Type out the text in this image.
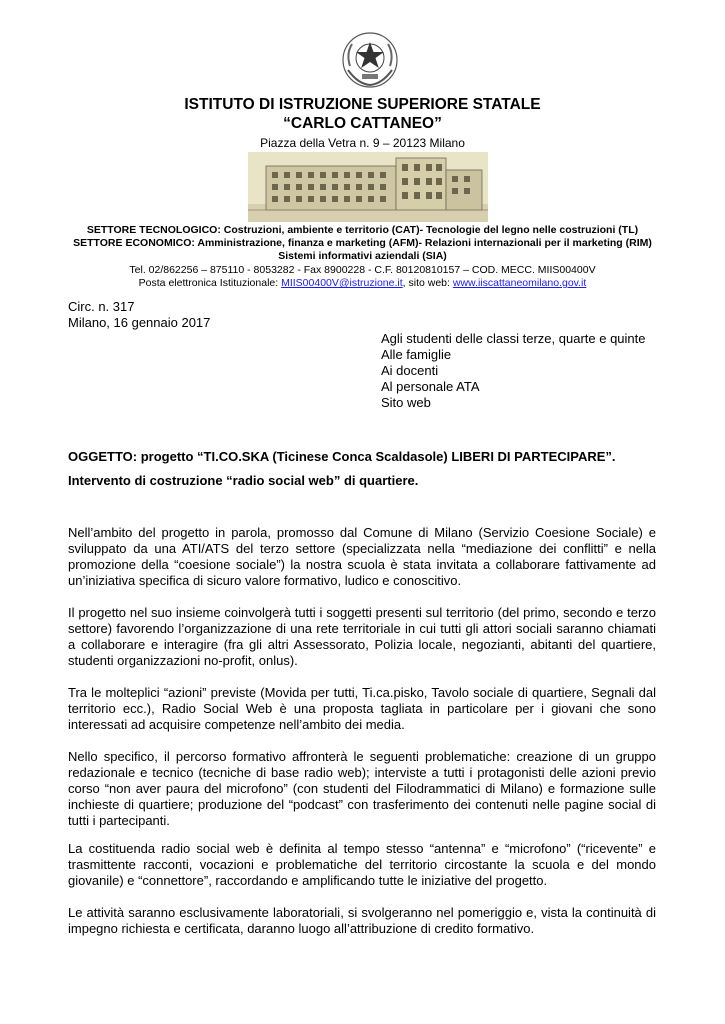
ISTITUTO DI ISTRUZIONE SUPERIORE STATALE
“CARLO CATTANEO”
Piazza della Vetra n. 9 – 20123 Milano
SETTORE TECNOLOGICO: Costruzioni, ambiente e territorio (CAT)- Tecnologie del legno nelle costruzioni (TL)
SETTORE ECONOMICO: Amministrazione, finanza e marketing (AFM)- Relazioni internazionali per il marketing (RIM)
Sistemi informativi aziendali (SIA)
Tel. 02/862256 – 875110 - 8053282 - Fax 8900228 - C.F. 80120810157 – COD. MECC. MIIS00400V
Posta elettronica Istituzionale: MIIS00400V@istruzione.it, sito web: www.iiscattaneomilano.gov.it
Circ. n. 317
Milano, 16 gennaio 2017
Agli studenti delle classi terze, quarte e quinte
Alle famiglie
Ai docenti
Al personale ATA
Sito web
OGGETTO: progetto “TI.CO.SKA (Ticinese Conca Scaldasole) LIBERI DI PARTECIPARE”.
Intervento di costruzione “radio social web” di quartiere.
Nell’ambito del progetto in parola, promosso dal Comune di Milano (Servizio Coesione Sociale) e sviluppato da una ATI/ATS del terzo settore (specializzata nella “mediazione dei conflitti” e nella promozione della “coesione sociale”) la nostra scuola è stata invitata a collaborare fattivamente ad un’iniziativa specifica di sicuro valore formativo, ludico e conoscitivo.
Il progetto nel suo insieme coinvolgerà tutti i soggetti presenti sul territorio (del primo, secondo e terzo settore) favorendo l’organizzazione di una rete territoriale in cui tutti gli attori sociali saranno chiamati a collaborare e interagire (fra gli altri Assessorato, Polizia locale, negozianti, abitanti del quartiere, studenti organizzazioni no-profit, onlus).
Tra le molteplici “azioni” previste (Movida per tutti, Ti.ca.pisko, Tavolo sociale di quartiere, Segnali dal territorio ecc.), Radio Social Web è una proposta tagliata in particolare per i giovani che sono interessati ad acquisire competenze nell’ambito dei media.
Nello specifico, il percorso formativo affronterà le seguenti problematiche: creazione di un gruppo redazionale e tecnico (tecniche di base radio web); interviste a tutti i protagonisti delle azioni previo corso “non aver paura del microfono” (con studenti del Filodrammatici di Milano) e formazione sulle inchieste di quartiere; produzione del “podcast” con trasferimento dei contenuti nelle pagine social di tutti i partecipanti.
La costituenda radio social web è definita al tempo stesso “antenna” e “microfono” (“ricevente” e trasmittente racconti, vocazioni e problematiche del territorio circostante la scuola e del mondo giovanile) e “connettore”, raccordando e amplificando tutte le iniziative del progetto.
Le attività saranno esclusivamente laboratoriali, si svolgeranno nel pomeriggio e, vista la continuità di impegno richiesta e certificata, daranno luogo all’attribuzione di credito formativo.
